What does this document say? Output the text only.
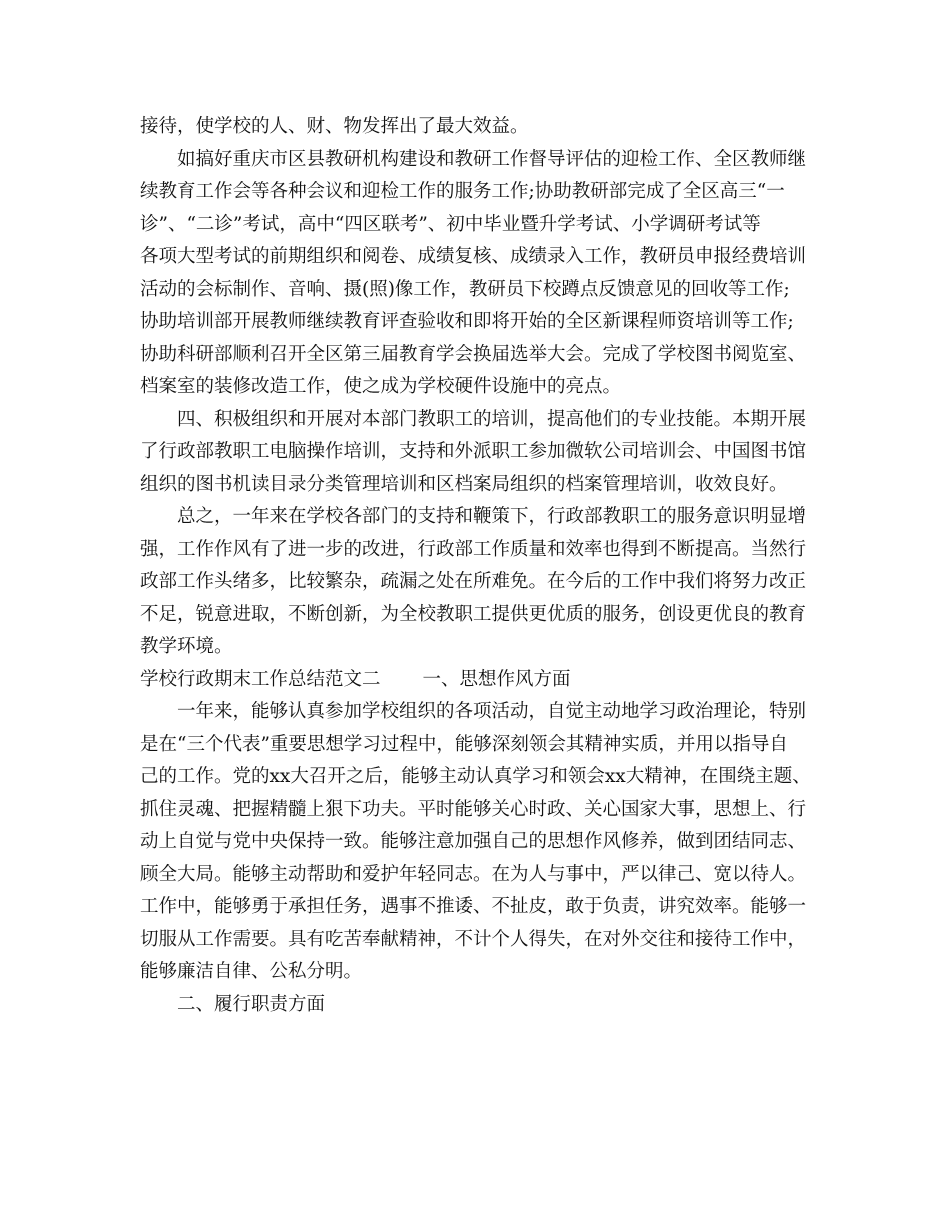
接待，使学校的人、财、物发挥出了最大效益。
如搞好重庆市区县教研机构建设和教研工作督导评估的迎检工作、全区教师继
续教育工作会等各种会议和迎检工作的服务工作;协助教研部完成了全区高三“一
诊”、“二诊”考试，高中“四区联考”、初中毕业暨升学考试、小学调研考试等
各项大型考试的前期组织和阅卷、成绩复核、成绩录入工作，教研员申报经费培训
活动的会标制作、音响、摄(照)像工作，教研员下校蹲点反馈意见的回收等工作;
协助培训部开展教师继续教育评查验收和即将开始的全区新课程师资培训等工作;
协助科研部顺利召开全区第三届教育学会换届选举大会。完成了学校图书阅览室、
档案室的装修改造工作，使之成为学校硬件设施中的亮点。
四、积极组织和开展对本部门教职工的培训，提高他们的专业技能。本期开展
了行政部教职工电脑操作培训，支持和外派职工参加微软公司培训会、中国图书馆
组织的图书机读目录分类管理培训和区档案局组织的档案管理培训，收效良好。
总之，一年来在学校各部门的支持和鞭策下，行政部教职工的服务意识明显增
强，工作作风有了进一步的改进，行政部工作质量和效率也得到不断提高。当然行
政部工作头绪多，比较繁杂，疏漏之处在所难免。在今后的工作中我们将努力改正
不足，锐意进取，不断创新，为全校教职工提供更优质的服务，创设更优良的教育
教学环境。
学校行政期末工作总结范文二 一、思想作风方面
一年来，能够认真参加学校组织的各项活动，自觉主动地学习政治理论，特别
是在“三个代表”重要思想学习过程中，能够深刻领会其精神实质，并用以指导自
己的工作。党的xx大召开之后，能够主动认真学习和领会xx大精神，在围绕主题、
抓住灵魂、把握精髓上狠下功夫。平时能够关心时政、关心国家大事，思想上、行
动上自觉与党中央保持一致。能够注意加强自己的思想作风修养，做到团结同志、
顾全大局。能够主动帮助和爱护年轻同志。在为人与事中，严以律己、宽以待人。
工作中，能够勇于承担任务，遇事不推诿、不扯皮，敢于负责，讲究效率。能够一
切服从工作需要。具有吃苦奉献精神，不计个人得失，在对外交往和接待工作中，
能够廉洁自律、公私分明。
二、履行职责方面
